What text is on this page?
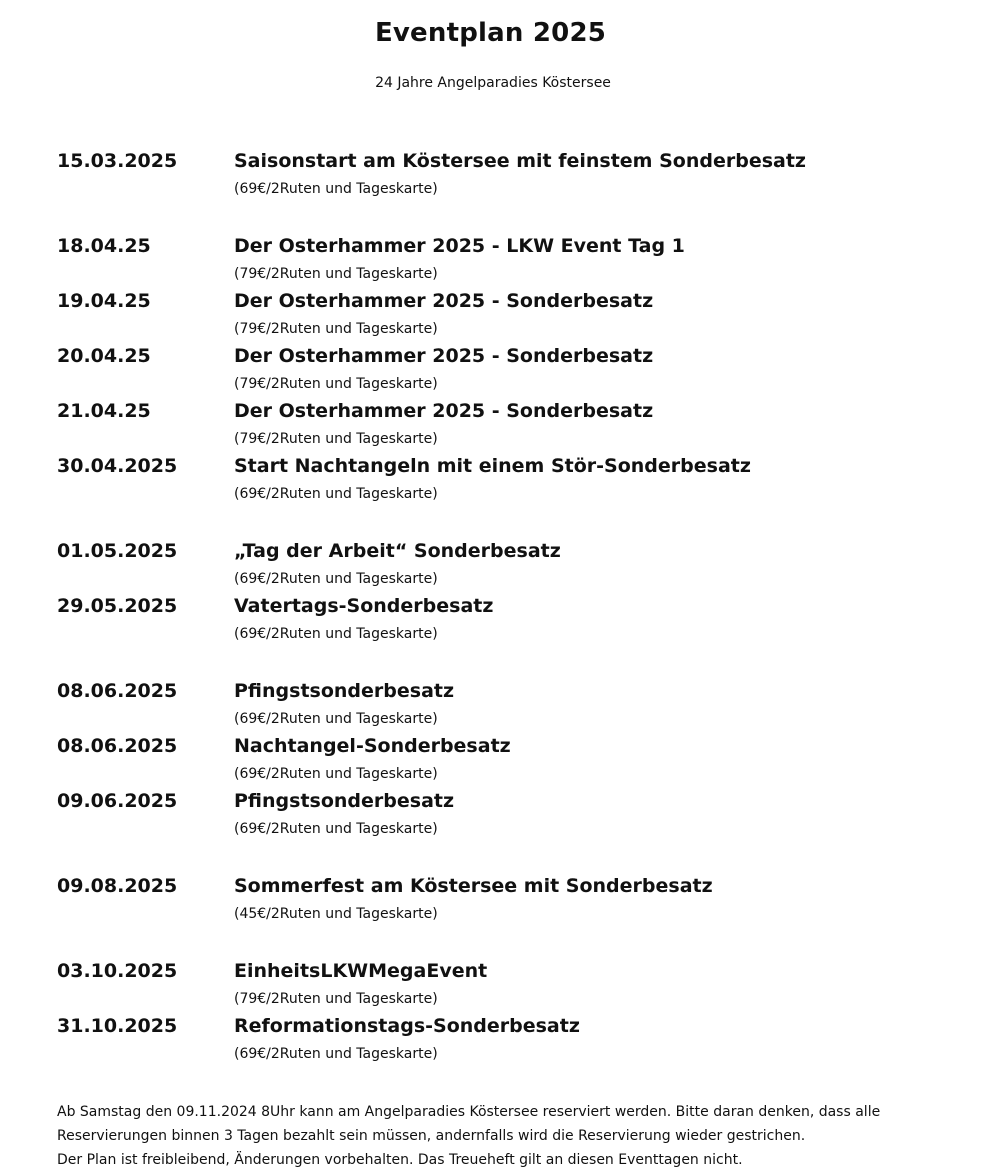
Eventplan 2025
24 Jahre Angelparadies Köstersee
15.03.2025	Saisonstart am Köstersee mit feinstem Sonderbesatz
(69€/2Ruten und Tageskarte)
18.04.25	Der Osterhammer 2025 - LKW Event Tag 1
(79€/2Ruten und Tageskarte)
19.04.25	Der Osterhammer 2025 - Sonderbesatz
(79€/2Ruten und Tageskarte)
20.04.25	Der Osterhammer 2025 - Sonderbesatz
(79€/2Ruten und Tageskarte)
21.04.25	Der Osterhammer 2025 - Sonderbesatz
(79€/2Ruten und Tageskarte)
30.04.2025	Start Nachtangeln mit einem Stör-Sonderbesatz
(69€/2Ruten und Tageskarte)
01.05.2025	„Tag der Arbeit“ Sonderbesatz
(69€/2Ruten und Tageskarte)
29.05.2025	Vatertags-Sonderbesatz
(69€/2Ruten und Tageskarte)
08.06.2025	Pfingstsonderbesatz
(69€/2Ruten und Tageskarte)
08.06.2025	Nachtangel-Sonderbesatz
(69€/2Ruten und Tageskarte)
09.06.2025	Pfingstsonderbesatz
(69€/2Ruten und Tageskarte)
09.08.2025	Sommerfest am Köstersee mit Sonderbesatz
(45€/2Ruten und Tageskarte)
03.10.2025	EinheitsLKWMegaEvent
(79€/2Ruten und Tageskarte)
31.10.2025	Reformationstags-Sonderbesatz
(69€/2Ruten und Tageskarte)

Ab Samstag den 09.11.2024 8Uhr kann am Angelparadies Köstersee reserviert werden. Bitte daran denken, dass alle

Reservierungen binnen 3 Tagen bezahlt sein müssen, andernfalls wird die Reservierung wieder gestrichen.

Der Plan ist freibleibend, Änderungen vorbehalten. Das Treueheft gilt an diesen Eventtagen nicht.
